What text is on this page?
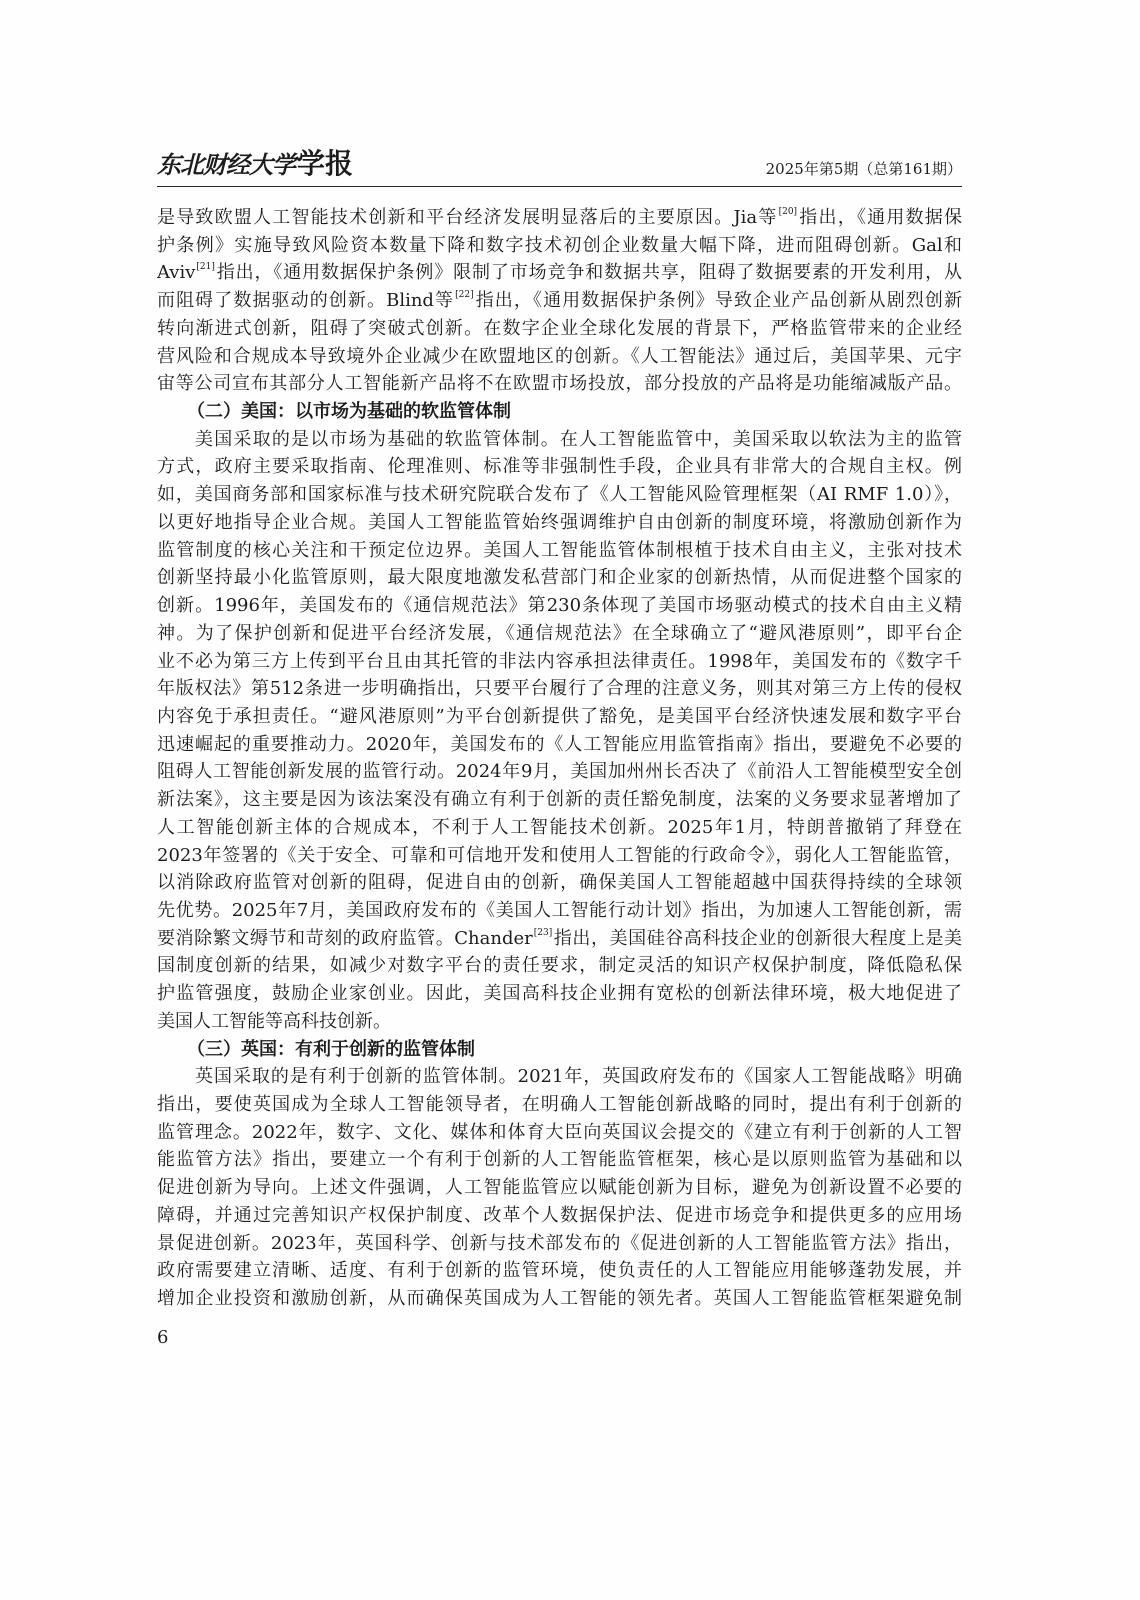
东北财经大学学报	2025年第5期（总第161期）
是导致欧盟人工智能技术创新和平台经济发展明显落后的主要原因。Jia等[20]指出，《通用数据保
护条例》实施导致风险资本数量下降和数字技术初创企业数量大幅下降，进而阻碍创新。Gal和
Aviv[21]指出，《通用数据保护条例》限制了市场竞争和数据共享，阻碍了数据要素的开发利用，从
而阻碍了数据驱动的创新。Blind等[22]指出，《通用数据保护条例》导致企业产品创新从剧烈创新
转向渐进式创新，阻碍了突破式创新。在数字企业全球化发展的背景下，严格监管带来的企业经
营风险和合规成本导致境外企业减少在欧盟地区的创新。《人工智能法》通过后，美国苹果、元宇
宙等公司宣布其部分人工智能新产品将不在欧盟市场投放，部分投放的产品将是功能缩减版产品。
（二）美国：以市场为基础的软监管体制
美国采取的是以市场为基础的软监管体制。在人工智能监管中，美国采取以软法为主的监管
方式，政府主要采取指南、伦理准则、标准等非强制性手段，企业具有非常大的合规自主权。例
如，美国商务部和国家标准与技术研究院联合发布了《人工智能风险管理框架（AI RMF 1.0）》，
以更好地指导企业合规。美国人工智能监管始终强调维护自由创新的制度环境，将激励创新作为
监管制度的核心关注和干预定位边界。美国人工智能监管体制根植于技术自由主义，主张对技术
创新坚持最小化监管原则，最大限度地激发私营部门和企业家的创新热情，从而促进整个国家的
创新。1996年，美国发布的《通信规范法》第230条体现了美国市场驱动模式的技术自由主义精
神。为了保护创新和促进平台经济发展，《通信规范法》在全球确立了“避风港原则”，即平台企
业不必为第三方上传到平台且由其托管的非法内容承担法律责任。1998年，美国发布的《数字千
年版权法》第512条进一步明确指出，只要平台履行了合理的注意义务，则其对第三方上传的侵权
内容免于承担责任。“避风港原则”为平台创新提供了豁免，是美国平台经济快速发展和数字平台
迅速崛起的重要推动力。2020年，美国发布的《人工智能应用监管指南》指出，要避免不必要的
阻碍人工智能创新发展的监管行动。2024年9月，美国加州州长否决了《前沿人工智能模型安全创
新法案》，这主要是因为该法案没有确立有利于创新的责任豁免制度，法案的义务要求显著增加了
人工智能创新主体的合规成本，不利于人工智能技术创新。2025年1月，特朗普撤销了拜登在
2023年签署的《关于安全、可靠和可信地开发和使用人工智能的行政命令》，弱化人工智能监管，
以消除政府监管对创新的阻碍，促进自由的创新，确保美国人工智能超越中国获得持续的全球领
先优势。2025年7月，美国政府发布的《美国人工智能行动计划》指出，为加速人工智能创新，需
要消除繁文缛节和苛刻的政府监管。Chander[23]指出，美国硅谷高科技企业的创新很大程度上是美
国制度创新的结果，如减少对数字平台的责任要求，制定灵活的知识产权保护制度，降低隐私保
护监管强度，鼓励企业家创业。因此，美国高科技企业拥有宽松的创新法律环境，极大地促进了
美国人工智能等高科技创新。
（三）英国：有利于创新的监管体制
英国采取的是有利于创新的监管体制。2021年，英国政府发布的《国家人工智能战略》明确
指出，要使英国成为全球人工智能领导者，在明确人工智能创新战略的同时，提出有利于创新的
监管理念。2022年，数字、文化、媒体和体育大臣向英国议会提交的《建立有利于创新的人工智
能监管方法》指出，要建立一个有利于创新的人工智能监管框架，核心是以原则监管为基础和以
促进创新为导向。上述文件强调，人工智能监管应以赋能创新为目标，避免为创新设置不必要的
障碍，并通过完善知识产权保护制度、改革个人数据保护法、促进市场竞争和提供更多的应用场
景促进创新。2023年，英国科学、创新与技术部发布的《促进创新的人工智能监管方法》指出，
政府需要建立清晰、适度、有利于创新的监管环境，使负责任的人工智能应用能够蓬勃发展，并
增加企业投资和激励创新，从而确保英国成为人工智能的领先者。英国人工智能监管框架避免制
6
